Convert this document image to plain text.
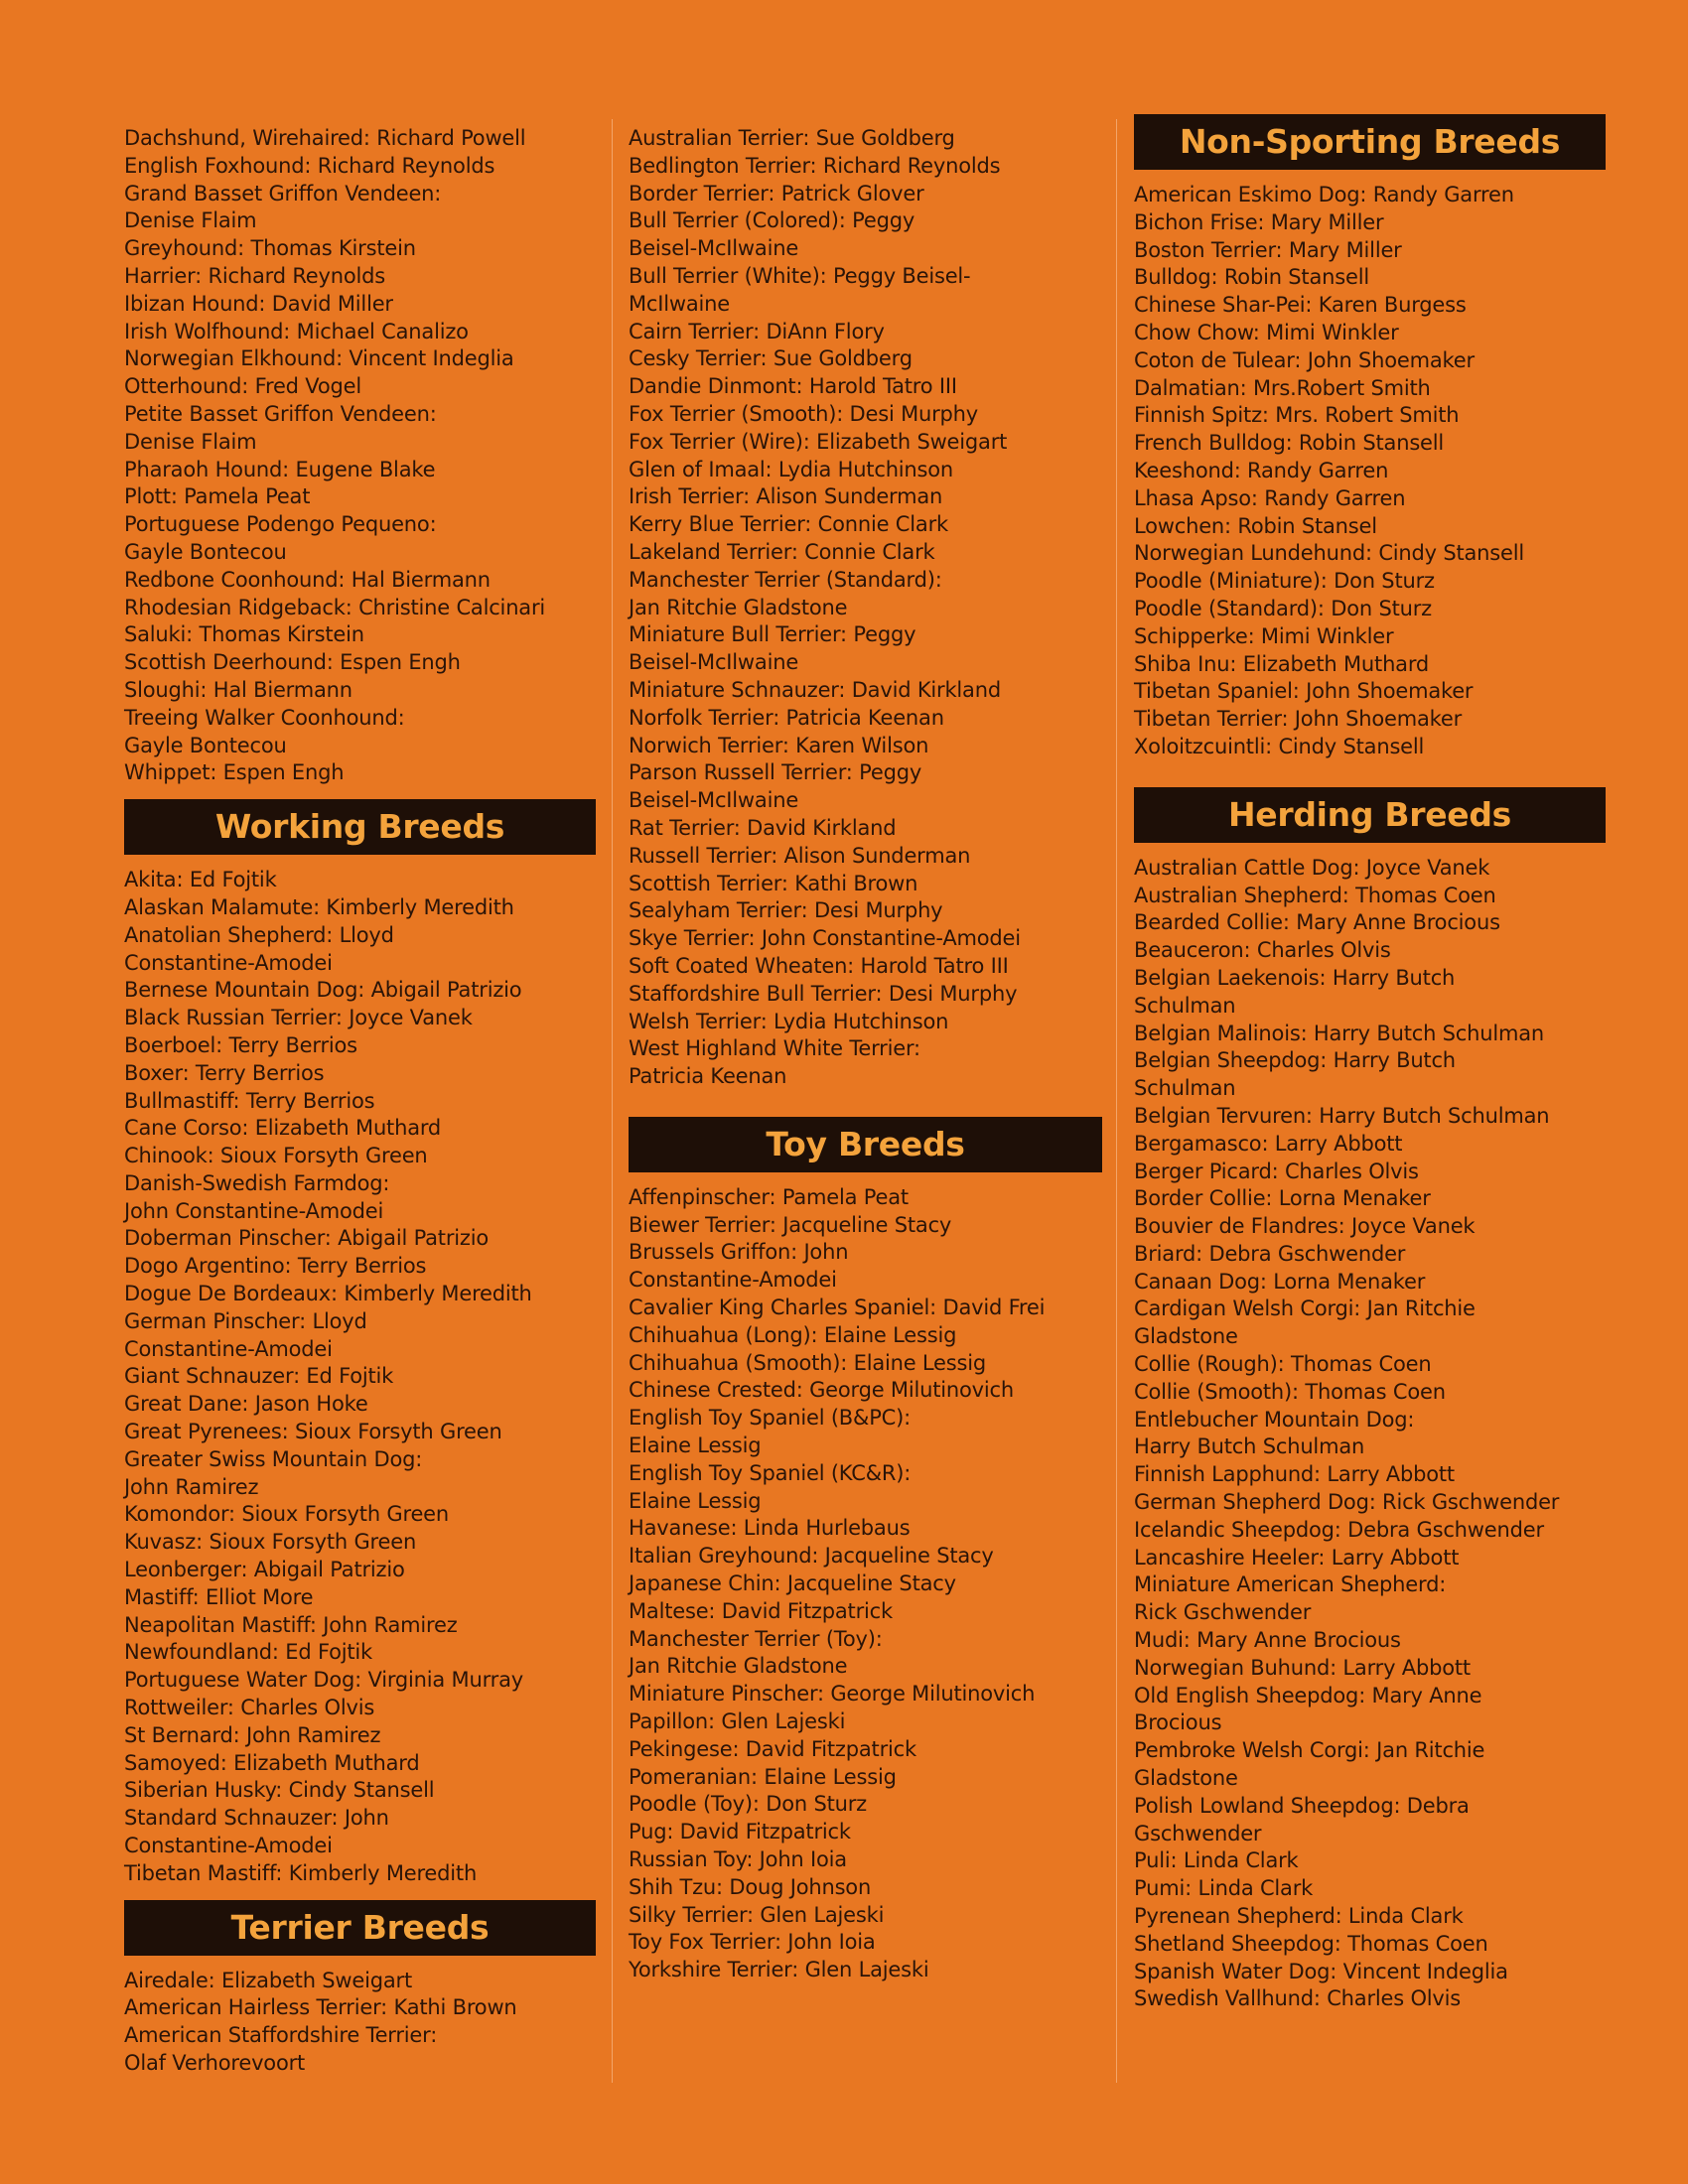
Dachshund, Wirehaired: Richard Powell
English Foxhound: Richard Reynolds
Grand Basset Griffon Vendeen:
Denise Flaim
Greyhound: Thomas Kirstein
Harrier: Richard Reynolds
Ibizan Hound: David Miller
Irish Wolfhound: Michael Canalizo
Norwegian Elkhound: Vincent Indeglia
Otterhound: Fred Vogel
Petite Basset Griffon Vendeen:
Denise Flaim
Pharaoh Hound: Eugene Blake
Plott: Pamela Peat
Portuguese Podengo Pequeno:
Gayle Bontecou
Redbone Coonhound: Hal Biermann
Rhodesian Ridgeback: Christine Calcinari
Saluki: Thomas Kirstein
Scottish Deerhound: Espen Engh
Sloughi: Hal Biermann
Treeing Walker Coonhound:
Gayle Bontecou
Whippet: Espen Engh
Working Breeds
Akita: Ed Fojtik
Alaskan Malamute: Kimberly Meredith
Anatolian Shepherd: Lloyd
Constantine-Amodei
Bernese Mountain Dog: Abigail Patrizio
Black Russian Terrier: Joyce Vanek
Boerboel: Terry Berrios
Boxer: Terry Berrios
Bullmastiff: Terry Berrios
Cane Corso: Elizabeth Muthard
Chinook: Sioux Forsyth Green
Danish-Swedish Farmdog:
John Constantine-Amodei
Doberman Pinscher: Abigail Patrizio
Dogo Argentino: Terry Berrios
Dogue De Bordeaux: Kimberly Meredith
German Pinscher: Lloyd
Constantine-Amodei
Giant Schnauzer: Ed Fojtik
Great Dane: Jason Hoke
Great Pyrenees: Sioux Forsyth Green
Greater Swiss Mountain Dog:
John Ramirez
Komondor: Sioux Forsyth Green
Kuvasz: Sioux Forsyth Green
Leonberger: Abigail Patrizio
Mastiff: Elliot More
Neapolitan Mastiff: John Ramirez
Newfoundland: Ed Fojtik
Portuguese Water Dog: Virginia Murray
Rottweiler: Charles Olvis
St Bernard: John Ramirez
Samoyed: Elizabeth Muthard
Siberian Husky: Cindy Stansell
Standard Schnauzer: John
Constantine-Amodei
Tibetan Mastiff: Kimberly Meredith
Terrier Breeds
Airedale: Elizabeth Sweigart
American Hairless Terrier: Kathi Brown
American Staffordshire Terrier:
Olaf Verhorevoort
Australian Terrier: Sue Goldberg
Bedlington Terrier: Richard Reynolds
Border Terrier: Patrick Glover
Bull Terrier (Colored): Peggy
Beisel-McIlwaine
Bull Terrier (White): Peggy Beisel-
McIlwaine
Cairn Terrier: DiAnn Flory
Cesky Terrier: Sue Goldberg
Dandie Dinmont: Harold Tatro III
Fox Terrier (Smooth): Desi Murphy
Fox Terrier (Wire): Elizabeth Sweigart
Glen of Imaal: Lydia Hutchinson
Irish Terrier: Alison Sunderman
Kerry Blue Terrier: Connie Clark
Lakeland Terrier: Connie Clark
Manchester Terrier (Standard):
Jan Ritchie Gladstone
Miniature Bull Terrier: Peggy
Beisel-McIlwaine
Miniature Schnauzer: David Kirkland
Norfolk Terrier: Patricia Keenan
Norwich Terrier: Karen Wilson
Parson Russell Terrier: Peggy
Beisel-McIlwaine
Rat Terrier: David Kirkland
Russell Terrier: Alison Sunderman
Scottish Terrier: Kathi Brown
Sealyham Terrier: Desi Murphy
Skye Terrier: John Constantine-Amodei
Soft Coated Wheaten: Harold Tatro III
Staffordshire Bull Terrier: Desi Murphy
Welsh Terrier: Lydia Hutchinson
West Highland White Terrier:
Patricia Keenan
Toy Breeds
Affenpinscher: Pamela Peat
Biewer Terrier: Jacqueline Stacy
Brussels Griffon: John
Constantine-Amodei
Cavalier King Charles Spaniel: David Frei
Chihuahua (Long): Elaine Lessig
Chihuahua (Smooth): Elaine Lessig
Chinese Crested: George Milutinovich
English Toy Spaniel (B&PC):
Elaine Lessig
English Toy Spaniel (KC&R):
Elaine Lessig
Havanese: Linda Hurlebaus
Italian Greyhound: Jacqueline Stacy
Japanese Chin: Jacqueline Stacy
Maltese: David Fitzpatrick
Manchester Terrier (Toy):
Jan Ritchie Gladstone
Miniature Pinscher: George Milutinovich
Papillon: Glen Lajeski
Pekingese: David Fitzpatrick
Pomeranian: Elaine Lessig
Poodle (Toy): Don Sturz
Pug: David Fitzpatrick
Russian Toy: John Ioia
Shih Tzu: Doug Johnson
Silky Terrier: Glen Lajeski
Toy Fox Terrier: John Ioia
Yorkshire Terrier: Glen Lajeski
Non-Sporting Breeds
American Eskimo Dog: Randy Garren
Bichon Frise: Mary Miller
Boston Terrier: Mary Miller
Bulldog: Robin Stansell
Chinese Shar-Pei: Karen Burgess
Chow Chow: Mimi Winkler
Coton de Tulear: John Shoemaker
Dalmatian: Mrs.Robert Smith
Finnish Spitz: Mrs. Robert Smith
French Bulldog: Robin Stansell
Keeshond: Randy Garren
Lhasa Apso: Randy Garren
Lowchen: Robin Stansel
Norwegian Lundehund: Cindy Stansell
Poodle (Miniature): Don Sturz
Poodle (Standard): Don Sturz
Schipperke: Mimi Winkler
Shiba Inu: Elizabeth Muthard
Tibetan Spaniel: John Shoemaker
Tibetan Terrier: John Shoemaker
Xoloitzcuintli: Cindy Stansell
Herding Breeds
Australian Cattle Dog: Joyce Vanek
Australian Shepherd: Thomas Coen
Bearded Collie: Mary Anne Brocious
Beauceron: Charles Olvis
Belgian Laekenois: Harry Butch
Schulman
Belgian Malinois: Harry Butch Schulman
Belgian Sheepdog: Harry Butch
Schulman
Belgian Tervuren: Harry Butch Schulman
Bergamasco: Larry Abbott
Berger Picard: Charles Olvis
Border Collie: Lorna Menaker
Bouvier de Flandres: Joyce Vanek
Briard: Debra Gschwender
Canaan Dog: Lorna Menaker
Cardigan Welsh Corgi: Jan Ritchie
Gladstone
Collie (Rough): Thomas Coen
Collie (Smooth): Thomas Coen
Entlebucher Mountain Dog:
Harry Butch Schulman
Finnish Lapphund: Larry Abbott
German Shepherd Dog: Rick Gschwender
Icelandic Sheepdog: Debra Gschwender
Lancashire Heeler: Larry Abbott
Miniature American Shepherd:
Rick Gschwender
Mudi: Mary Anne Brocious
Norwegian Buhund: Larry Abbott
Old English Sheepdog: Mary Anne
Brocious
Pembroke Welsh Corgi: Jan Ritchie
Gladstone
Polish Lowland Sheepdog: Debra
Gschwender
Puli: Linda Clark
Pumi: Linda Clark
Pyrenean Shepherd: Linda Clark
Shetland Sheepdog: Thomas Coen
Spanish Water Dog: Vincent Indeglia
Swedish Vallhund: Charles Olvis
